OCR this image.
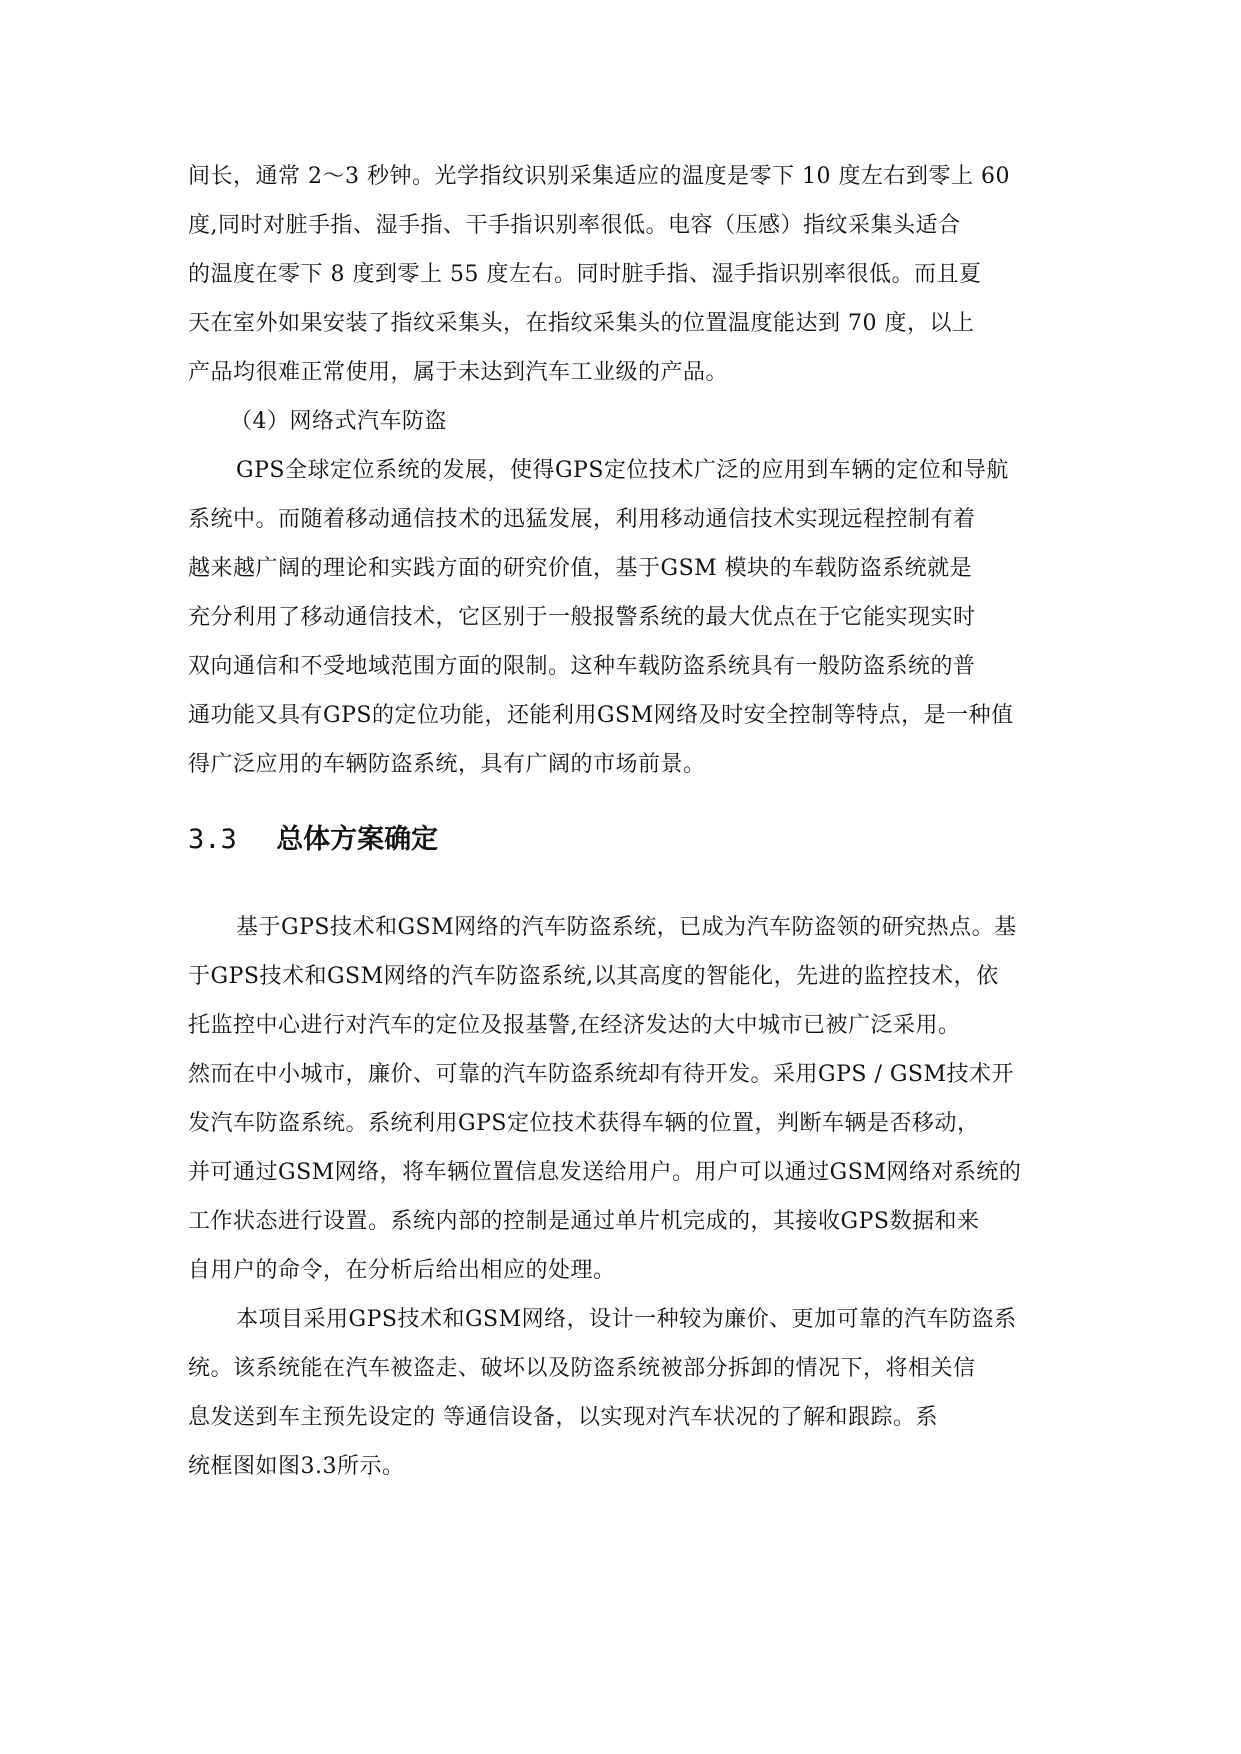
间长，通常 2～3 秒钟。光学指纹识别采集适应的温度是零下 10 度左右到零上 60
度,同时对脏手指、湿手指、干手指识别率很低。电容（压感）指纹采集头适合
的温度在零下 8 度到零上 55 度左右。同时脏手指、湿手指识别率很低。而且夏
天在室外如果安装了指纹采集头，在指纹采集头的位置温度能达到 70 度，以上
产品均很难正常使用，属于未达到汽车工业级的产品。
（4）网络式汽车防盗
GPS全球定位系统的发展，使得GPS定位技术广泛的应用到车辆的定位和导航
系统中。而随着移动通信技术的迅猛发展，利用移动通信技术实现远程控制有着
越来越广阔的理论和实践方面的研究价值，基于GSM 模块的车载防盗系统就是
充分利用了移动通信技术，它区别于一般报警系统的最大优点在于它能实现实时
双向通信和不受地域范围方面的限制。这种车载防盗系统具有一般防盗系统的普
通功能又具有GPS的定位功能，还能利用GSM网络及时安全控制等特点，是一种值
得广泛应用的车辆防盗系统，具有广阔的市场前景。
3.3 总体方案确定
基于GPS技术和GSM网络的汽车防盗系统，已成为汽车防盗领的研究热点。基
于GPS技术和GSM网络的汽车防盗系统,以其高度的智能化，先进的监控技术，依
托监控中心进行对汽车的定位及报基警,在经济发达的大中城市已被广泛采用。
然而在中小城市，廉价、可靠的汽车防盗系统却有待开发。采用GPS / GSM技术开
发汽车防盗系统。系统利用GPS定位技术获得车辆的位置，判断车辆是否移动，
并可通过GSM网络，将车辆位置信息发送给用户。用户可以通过GSM网络对系统的
工作状态进行设置。系统内部的控制是通过单片机完成的，其接收GPS数据和来
自用户的命令，在分析后给出相应的处理。
本项目采用GPS技术和GSM网络，设计一种较为廉价、更加可靠的汽车防盗系
统。该系统能在汽车被盗走、破坏以及防盗系统被部分拆卸的情况下，将相关信
息发送到车主预先设定的 等通信设备，以实现对汽车状况的了解和跟踪。系
统框图如图3.3所示。
